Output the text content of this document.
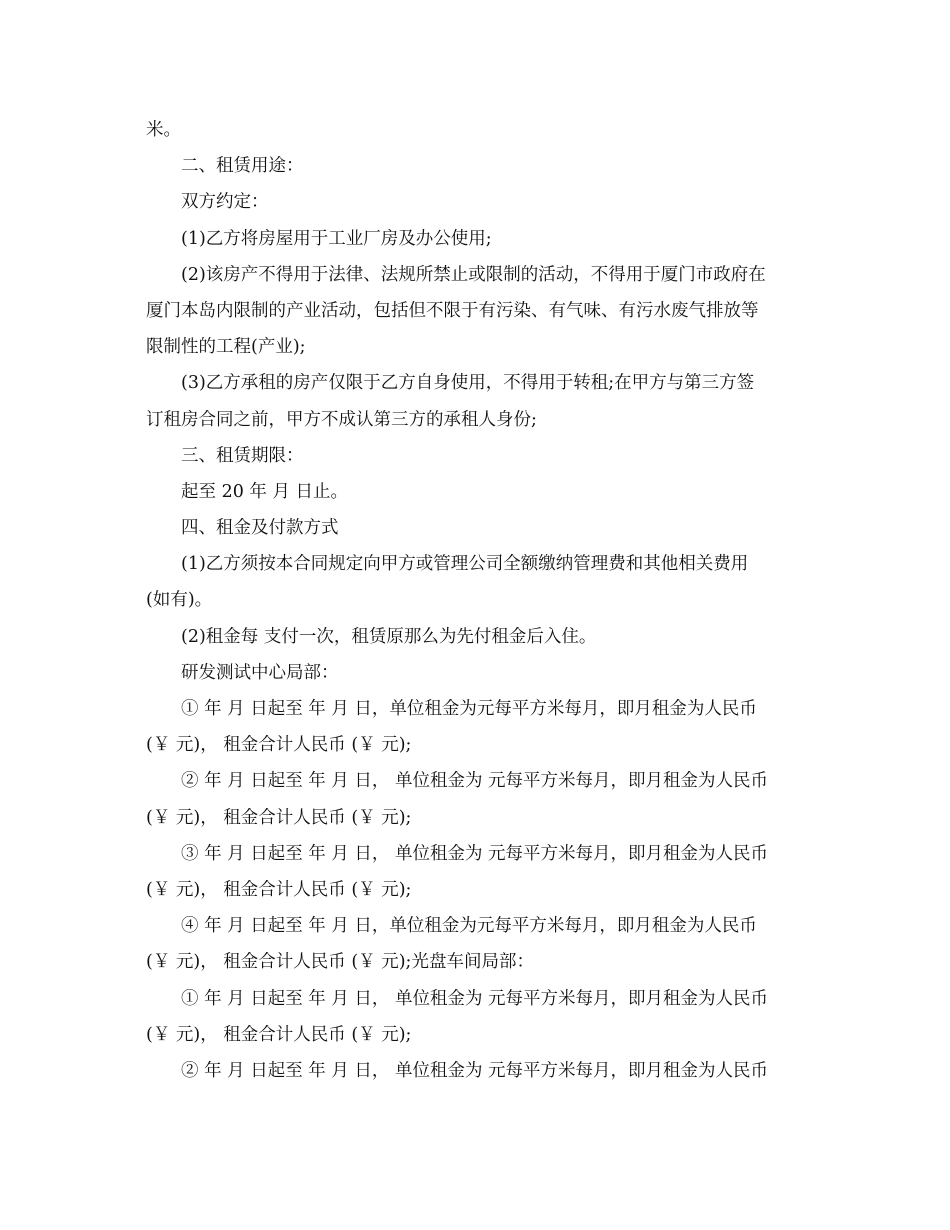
米。

二、租赁用途：

双方约定：

(1)乙方将房屋用于工业厂房及办公使用;

(2)该房产不得用于法律、法规所禁止或限制的活动，不得用于厦门市政府在

厦门本岛内限制的产业活动，包括但不限于有污染、有气味、有污水废气排放等

限制性的工程(产业);

(3)乙方承租的房产仅限于乙方自身使用，不得用于转租;在甲方与第三方签

订租房合同之前，甲方不成认第三方的承租人身份;

三、租赁期限：

起至 20 年 月 日止。

四、租金及付款方式

(1)乙方须按本合同规定向甲方或管理公司全额缴纳管理费和其他相关费用

(如有)。

(2)租金每 支付一次，租赁原那么为先付租金后入住。

研发测试中心局部：

① 年 月 日起至 年 月 日，单位租金为元每平方米每月，即月租金为人民币

(￥ 元)， 租金合计人民币 (￥ 元);

② 年 月 日起至 年 月 日， 单位租金为 元每平方米每月，即月租金为人民币

(￥ 元)， 租金合计人民币 (￥ 元);

③ 年 月 日起至 年 月 日， 单位租金为 元每平方米每月，即月租金为人民币

(￥ 元)， 租金合计人民币 (￥ 元);

④ 年 月 日起至 年 月 日，单位租金为元每平方米每月，即月租金为人民币

(￥ 元)， 租金合计人民币 (￥ 元);光盘车间局部：

① 年 月 日起至 年 月 日， 单位租金为 元每平方米每月，即月租金为人民币

(￥ 元)， 租金合计人民币 (￥ 元);

② 年 月 日起至 年 月 日， 单位租金为 元每平方米每月，即月租金为人民币
